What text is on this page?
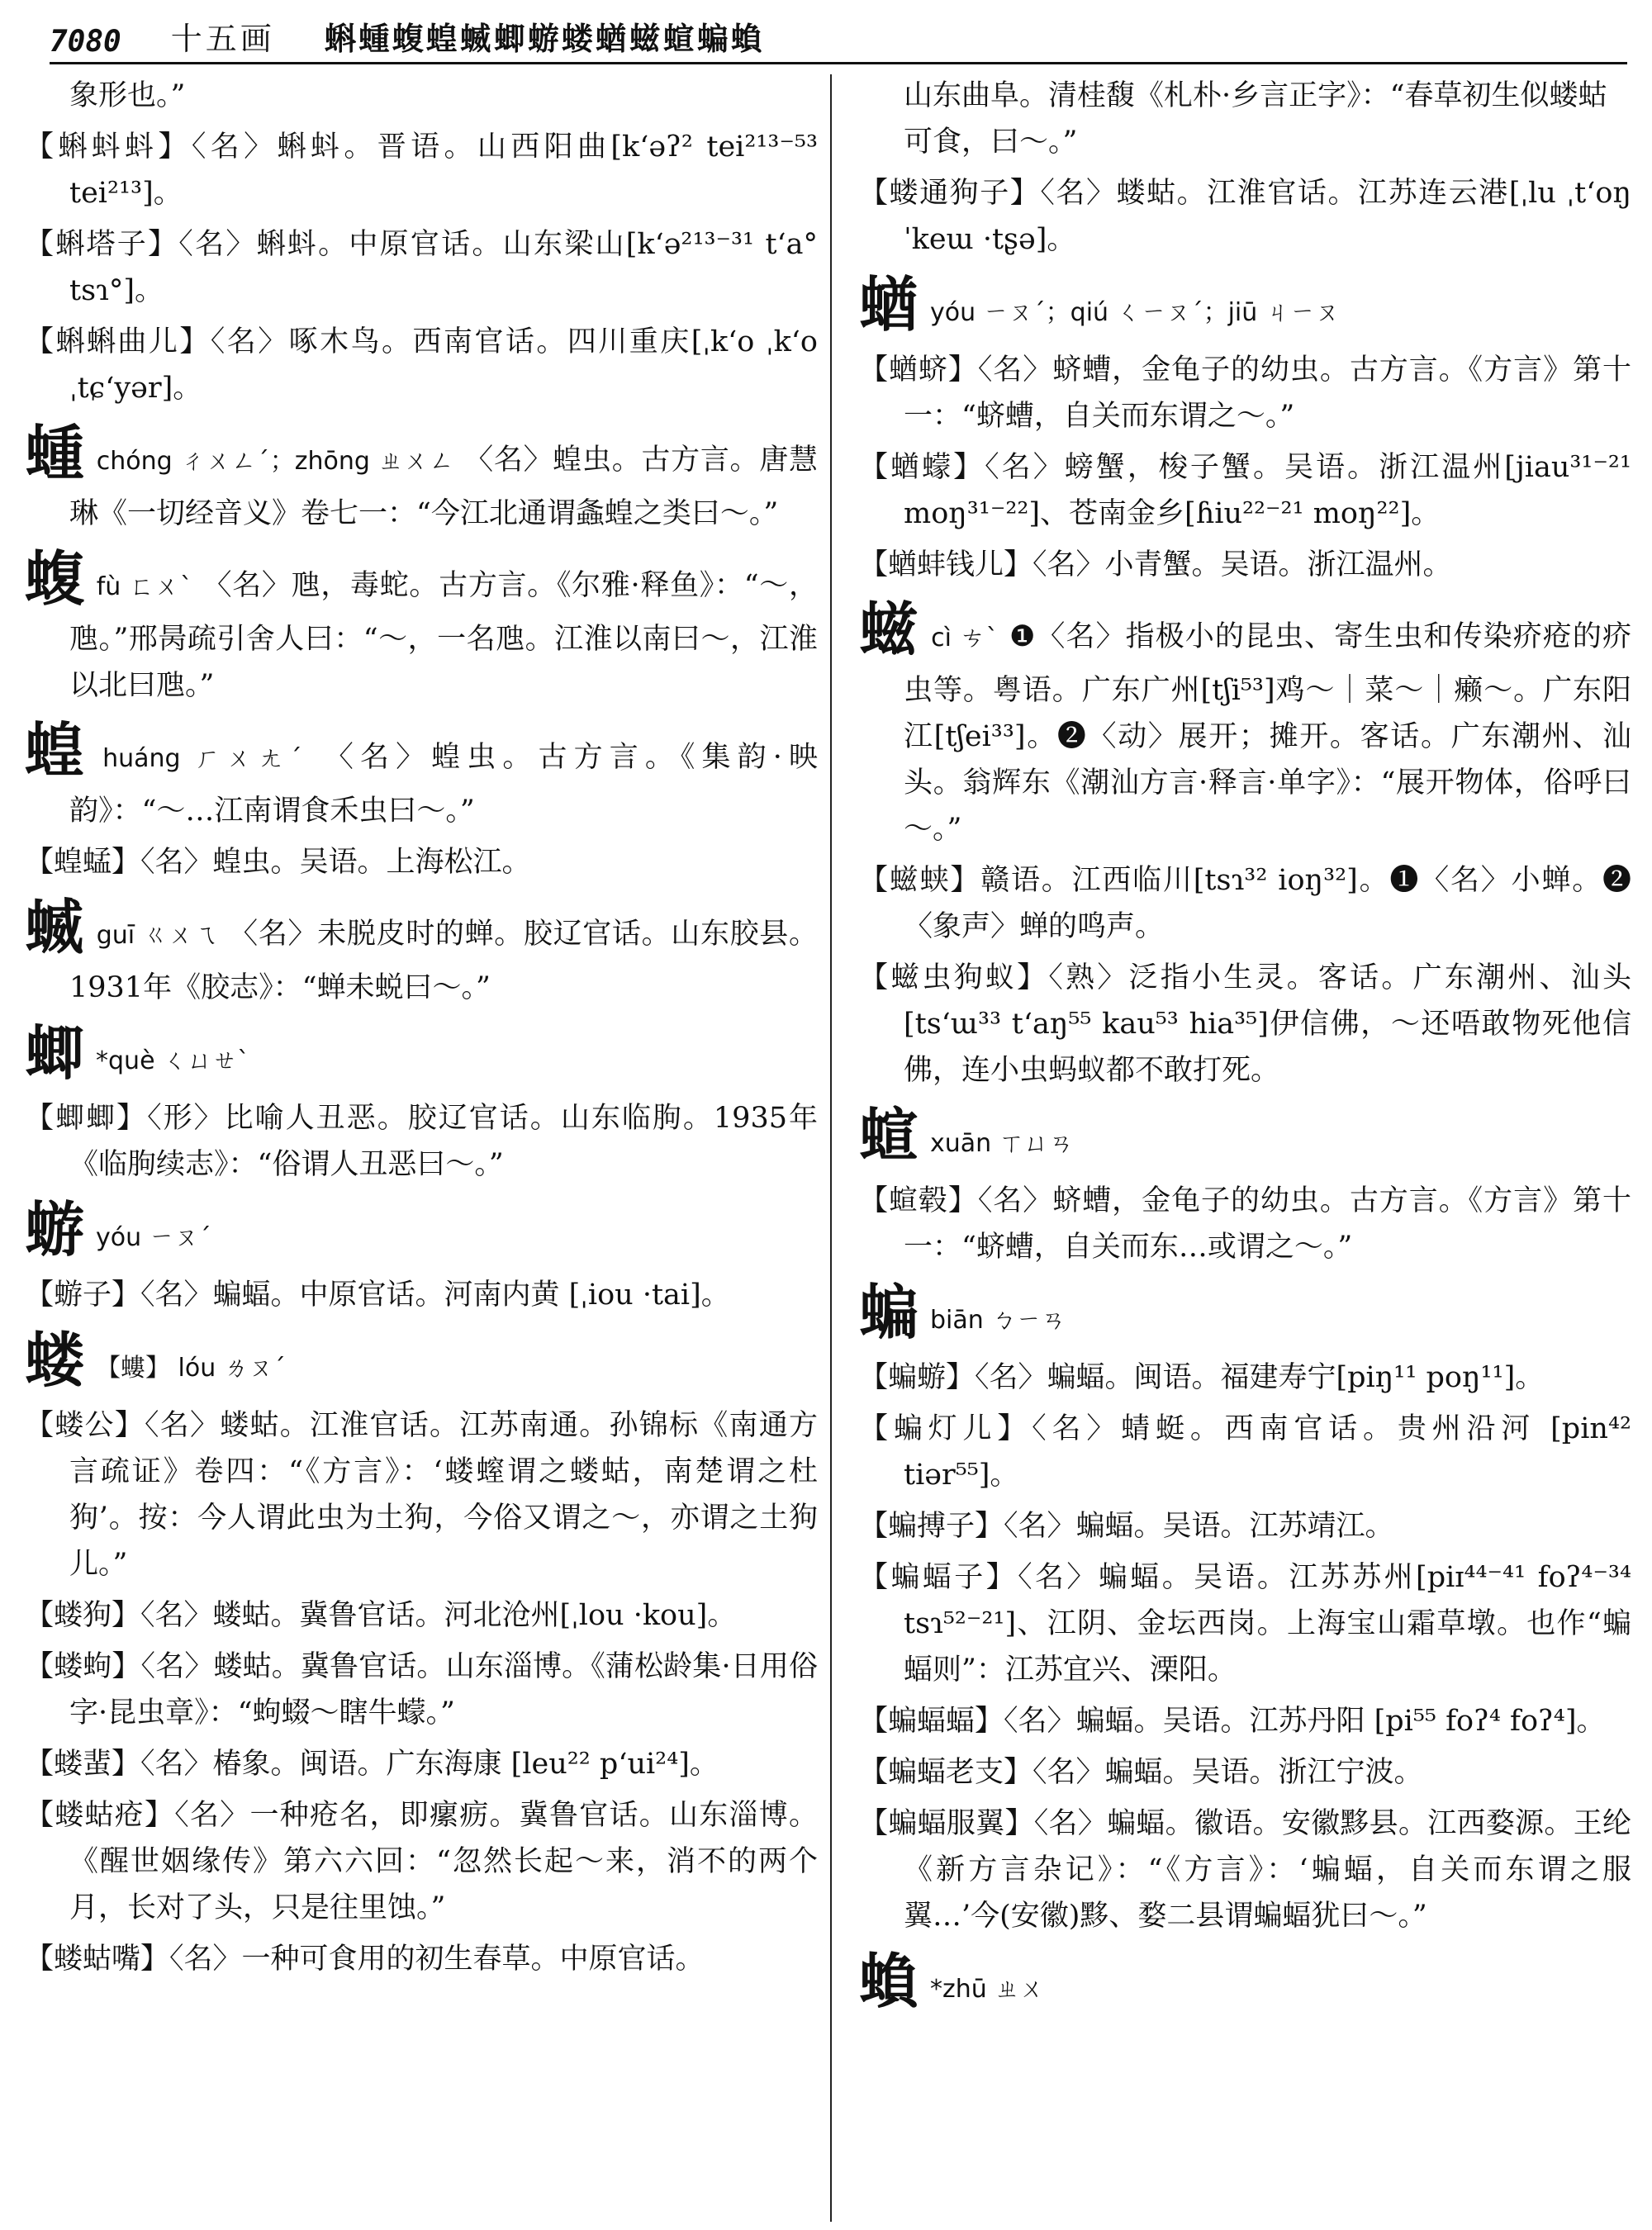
7080 十五画 蝌蝩蝮蝗蝛蝍蝣蝼蝤螆蝖蝙蝜
象形也。”
【蝌蚪蚪】〈名〉蝌蚪。晋语。山西阳曲[k‘əʔ² tei²¹³⁻⁵³ tei²¹³]。
【蝌塔子】〈名〉蝌蚪。中原官话。山东梁山[k‘ə²¹³⁻³¹ t‘a° tsɿ°]。
【蝌蝌曲儿】〈名〉啄木鸟。西南官话。四川重庆[ˌk‘o ˌk‘o ˌtɕ‘yər]。
蝩chóng ㄔㄨㄥˊ；zhōng ㄓㄨㄥ 〈名〉蝗虫。古方言。唐慧琳《一切经音义》卷七一：“今江北通谓螽蝗之类曰～。”
蝮fù ㄈㄨˋ 〈名〉虺，毒蛇。古方言。《尔雅·释鱼》：“～，虺。”邢昺疏引舍人曰：“～，一名虺。江淮以南曰～，江淮以北曰虺。”
蝗huáng ㄏㄨㄤˊ 〈名〉蝗虫。古方言。《集韵·映韵》：“～…江南谓食禾虫曰～。”
【蝗蜢】〈名〉蝗虫。吴语。上海松江。
蝛guī ㄍㄨㄟ 〈名〉未脱皮时的蝉。胶辽官话。山东胶县。1931年《胶志》：“蝉未蜕曰～。”
蝍 *què ㄑㄩㄝˋ
【蝍蝍】〈形〉比喻人丑恶。胶辽官话。山东临朐。1935年《临朐续志》：“俗谓人丑恶曰～。”
蝣yóu ㄧㄡˊ
【蝣子】〈名〉蝙蝠。中原官话。河南内黄 [ˌiou ·tai]。
蝼 【螻】 lóu ㄌㄡˊ
【蝼公】〈名〉蝼蛄。江淮官话。江苏南通。孙锦标《南通方言疏证》卷四：“《方言》：‘蝼螲谓之蝼蛄，南楚谓之杜狗’。按：今人谓此虫为土狗，今俗又谓之～，亦谓之土狗儿。”
【蝼狗】〈名〉蝼蛄。冀鲁官话。河北沧州[ˌlou ·kou]。
【蝼蚼】〈名〉蝼蛄。冀鲁官话。山东淄博。《蒲松龄集·日用俗字·昆虫章》：“蚼蝃～瞎牛蠓。”
【蝼蜚】〈名〉椿象。闽语。广东海康 [leu²² p‘ui²⁴]。
【蝼蛄疮】〈名〉一种疮名，即瘰疬。冀鲁官话。山东淄博。《醒世姻缘传》第六六回：“忽然长起～来，消不的两个月，长对了头，只是往里蚀。”
【蝼蛄嘴】〈名〉一种可食用的初生春草。中原官话。
山东曲阜。清桂馥《札朴·乡言正字》：“春草初生似蝼蛄可食，曰～。”
【蝼通狗子】〈名〉蝼蛄。江淮官话。江苏连云港[ˌlu ˌt‘oŋ ˈkeɯ ·tʂə]。
蝤yóu ㄧㄡˊ；qiú ㄑㄧㄡˊ；jiū ㄐㄧㄡ
【蝤蛴】〈名〉蛴螬，金龟子的幼虫。古方言。《方言》第十一：“蛴螬，自关而东谓之～。”
【蝤蠓】〈名〉螃蟹，梭子蟹。吴语。浙江温州[jiau³¹⁻²¹ moŋ³¹⁻²²]、苍南金乡[ɦiu²²⁻²¹ moŋ²²]。
【蝤蚌钱儿】〈名〉小青蟹。吴语。浙江温州。
螆cì ㄘˋ ❶〈名〉指极小的昆虫、寄生虫和传染疥疮的疥虫等。粤语。广东广州[tʃi⁵³]鸡～｜菜～｜癞～。广东阳江[tʃei³³]。❷〈动〉展开；摊开。客话。广东潮州、汕头。翁辉东《潮汕方言·释言·单字》：“展开物体，俗呼曰～。”
【螆蛱】赣语。江西临川[tsɿ³² ioŋ³²]。❶〈名〉小蝉。❷〈象声〉蝉的鸣声。
【螆虫狗蚁】〈熟〉泛指小生灵。客话。广东潮州、汕头[tsʻɯ³³ t‘aŋ⁵⁵ kau⁵³ hia³⁵]伊信佛，～还唔敢物死他信佛，连小虫蚂蚁都不敢打死。
蝖xuān ㄒㄩㄢ
【蝖毂】〈名〉蛴螬，金龟子的幼虫。古方言。《方言》第十一：“蛴螬，自关而东…或谓之～。”
蝙biān ㄅㄧㄢ
【蝙蝣】〈名〉蝙蝠。闽语。福建寿宁[piŋ¹¹ poŋ¹¹]。
【蝙灯儿】〈名〉蜻蜓。西南官话。贵州沿河 [pin⁴² tiər⁵⁵]。
【蝙搏子】〈名〉蝙蝠。吴语。江苏靖江。
【蝙蝠子】〈名〉蝙蝠。吴语。江苏苏州[piɪ⁴⁴⁻⁴¹ foʔ⁴⁻³⁴ tsɿ⁵²⁻²¹]、江阴、金坛西岗。上海宝山霜草墩。也作“蝙蝠则”：江苏宜兴、溧阳。
【蝙蝠蝠】〈名〉蝙蝠。吴语。江苏丹阳 [pi⁵⁵ foʔ⁴ foʔ⁴]。
【蝙蝠老支】〈名〉蝙蝠。吴语。浙江宁波。
【蝙蝠服翼】〈名〉蝙蝠。徽语。安徽黟县。江西婺源。王纶《新方言杂记》：“《方言》：‘蝙蝠，自关而东谓之服翼…’今(安徽)黟、婺二县谓蝙蝠犹曰～。”
蝜 *zhū ㄓㄨ
